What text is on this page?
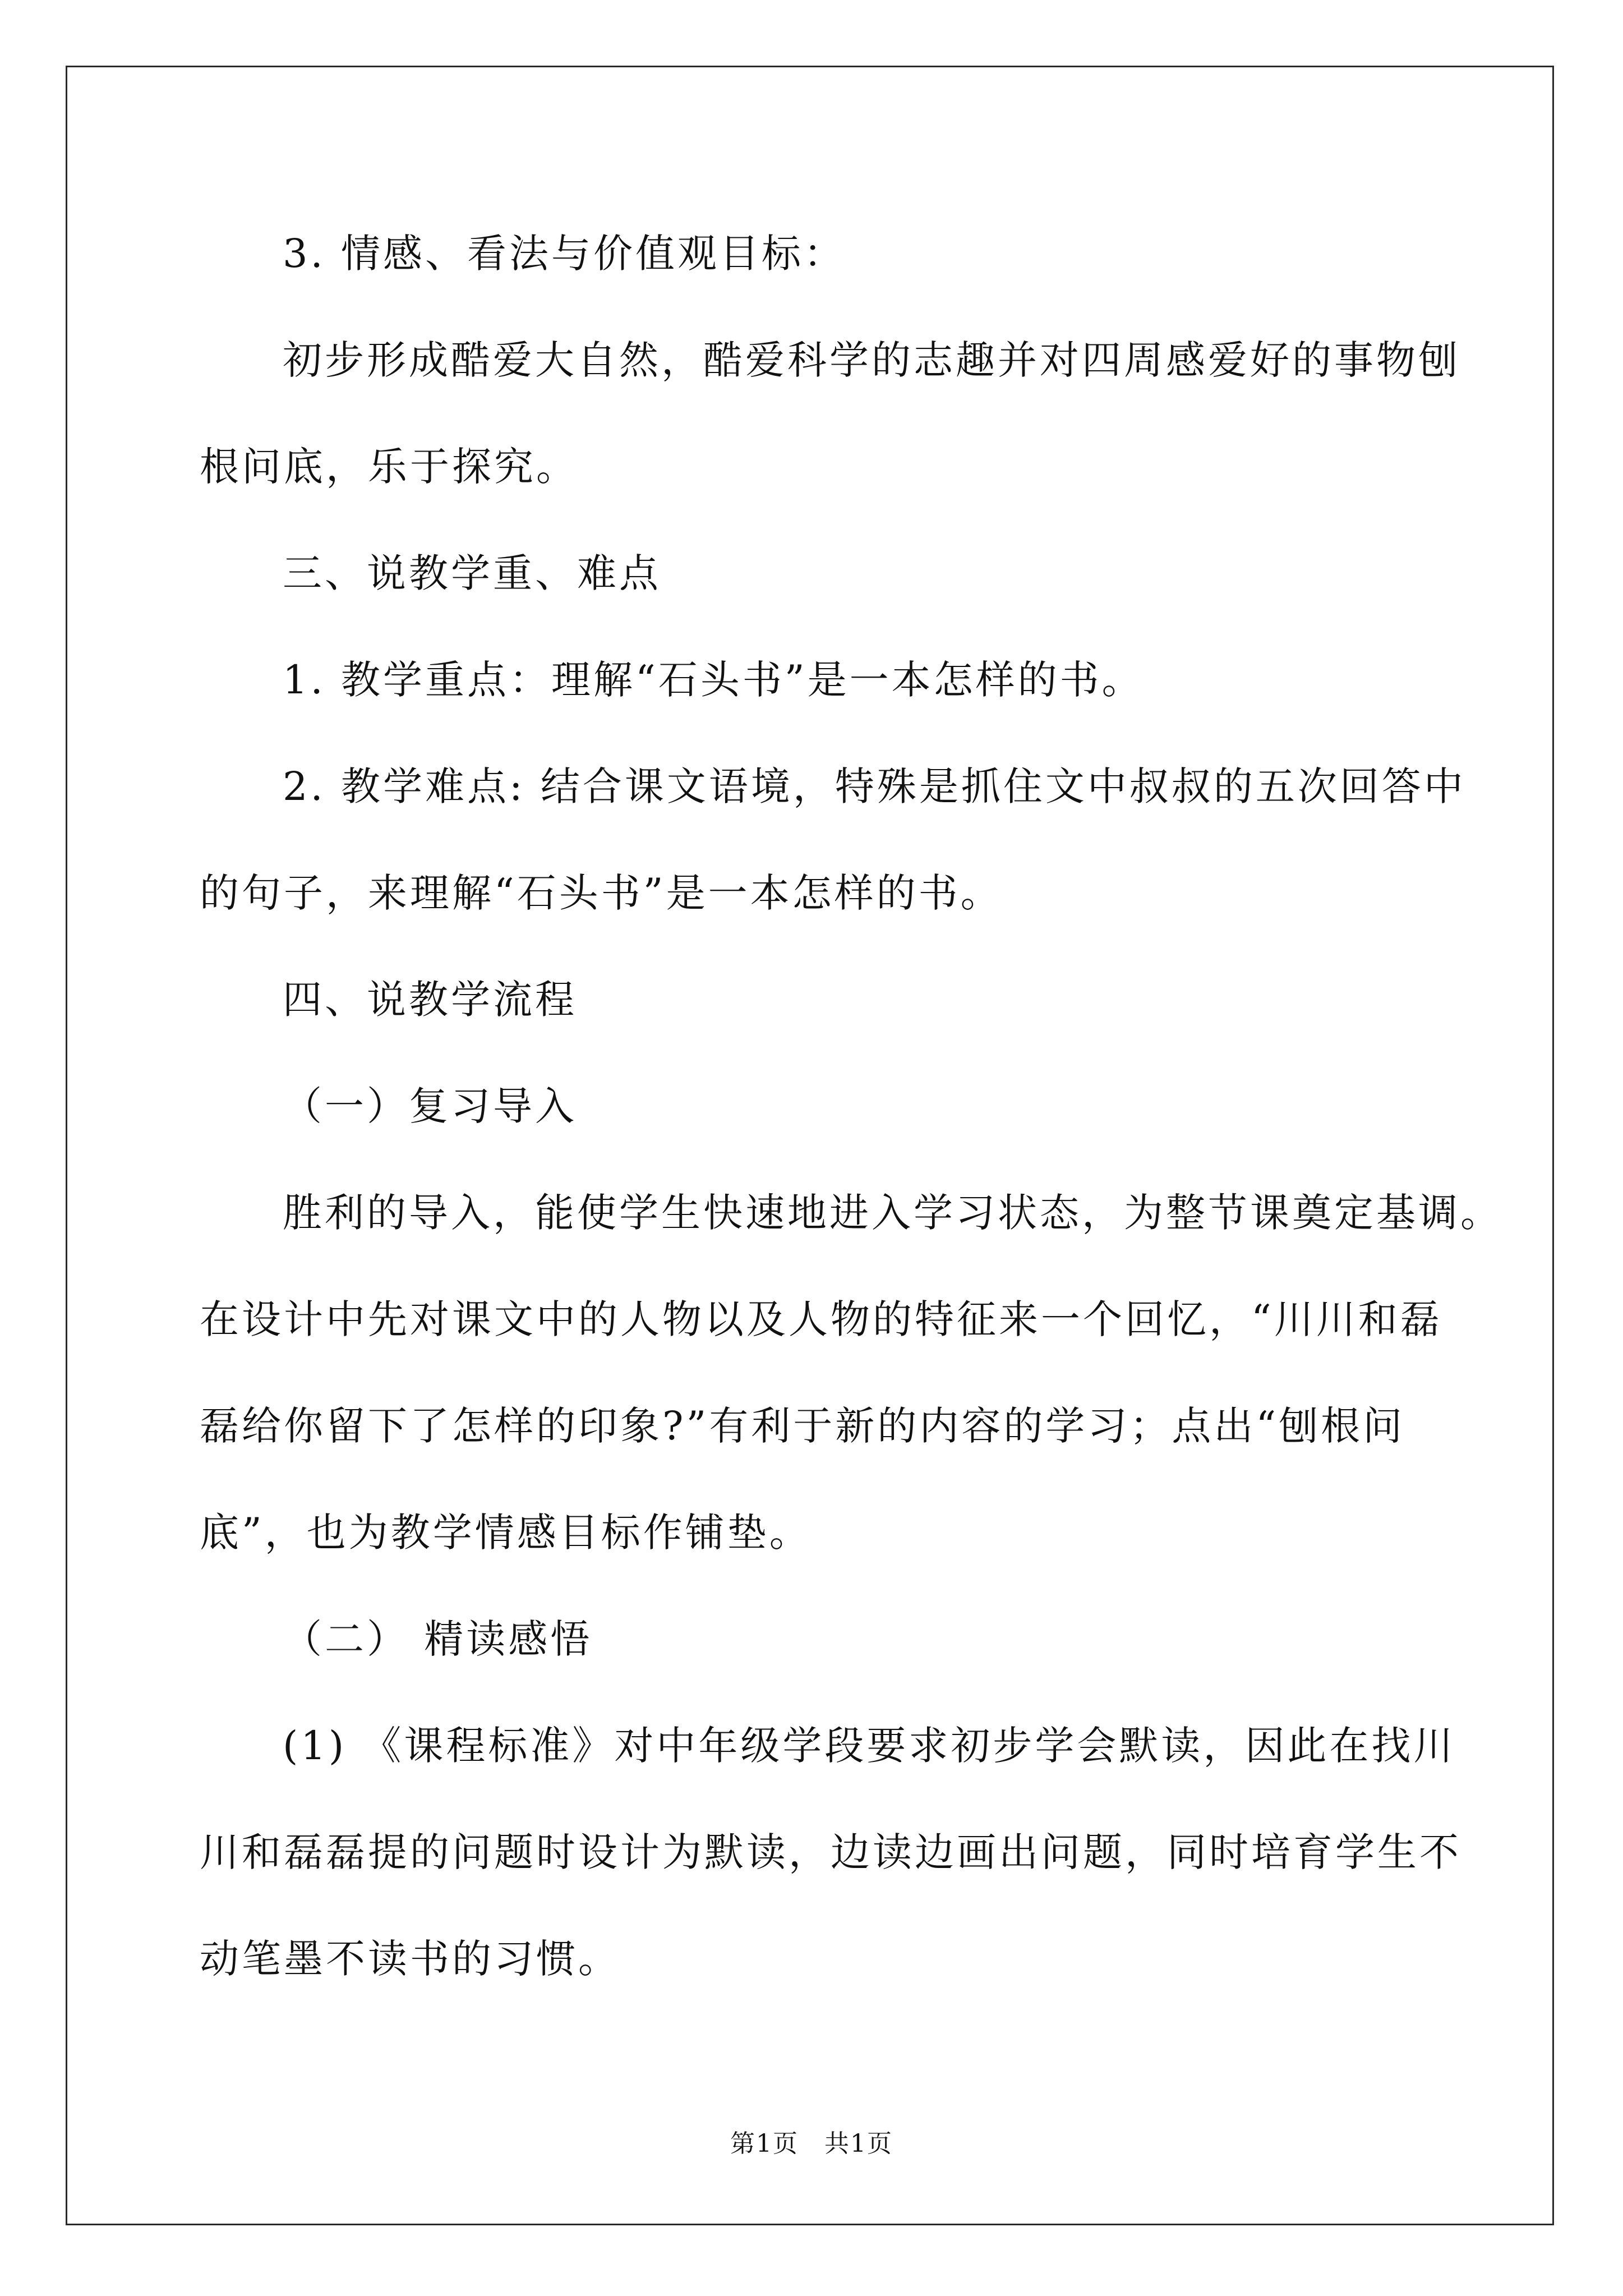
3. 情感、看法与价值观目标：
初步形成酷爱大自然，酷爱科学的志趣并对四周感爱好的事物刨
根问底，乐于探究。
三、说教学重、难点
1. 教学重点：理解“石头书”是一本怎样的书。
2. 教学难点: 结合课文语境，特殊是抓住文中叔叔的五次回答中
的句子，来理解“石头书”是一本怎样的书。
四、说教学流程
（一）复习导入
胜利的导入，能使学生快速地进入学习状态，为整节课奠定基调。
在设计中先对课文中的人物以及人物的特征来一个回忆，“川川和磊
磊给你留下了怎样的印象?”有利于新的内容的学习；点出“刨根问
底”，也为教学情感目标作铺垫。
（二） 精读感悟
(1) 《课程标准》对中年级学段要求初步学会默读，因此在找川
川和磊磊提的问题时设计为默读，边读边画出问题，同时培育学生不
动笔墨不读书的习惯。
第1页　共1页
